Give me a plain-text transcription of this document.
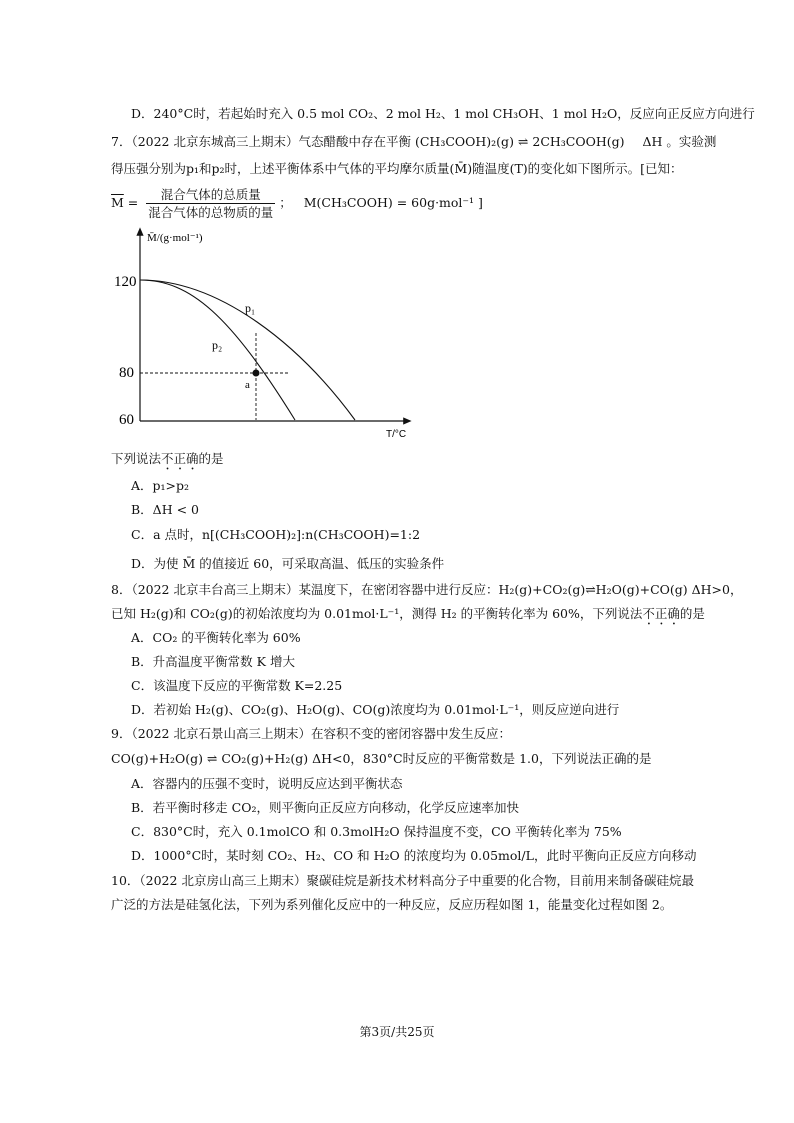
D．240°C时，若起始时充入 0.5 mol CO₂、2 mol H₂、1 mol CH₃OH、1 mol H₂O，反应向正反应方向进行
7．（2022 北京东城高三上期末）气态醋酸中存在平衡 (CH₃COOH)₂(g) ⇌ 2CH₃COOH(g) ΔH 。实验测
得压强分别为p₁和p₂时，上述平衡体系中气体的平均摩尔质量(M̄)随温度(T)的变化如下图所示。[已知：
$\overline{M} = \frac{\text{混合气体的总质量}}{\text{混合气体的总物质的量}}$ ； M(CH₃COOH) = 60g·mol⁻¹ ]
M̄/(g·mol⁻¹)
T/°C
120
80
60
p₁
p₂
a
下列说法不正确的是
A．p₁>p₂
B．ΔH < 0
C．a 点时，n[(CH₃COOH)₂]:n(CH₃COOH)=1:2
D．为使 M̄ 的值接近 60，可采取高温、低压的实验条件
8．（2022 北京丰台高三上期末）某温度下，在密闭容器中进行反应：H₂(g)+CO₂(g)⇌H₂O(g)+CO(g) ΔH>0，
已知 H₂(g)和 CO₂(g)的初始浓度均为 0.01mol·L⁻¹，测得 H₂ 的平衡转化率为 60%，下列说法不正确的是
A．CO₂ 的平衡转化率为 60%
B．升高温度平衡常数 K 增大
C．该温度下反应的平衡常数 K=2.25
D．若初始 H₂(g)、CO₂(g)、H₂O(g)、CO(g)浓度均为 0.01mol·L⁻¹，则反应逆向进行
9．（2022 北京石景山高三上期末）在容积不变的密闭容器中发生反应：
CO(g)+H₂O(g) ⇌ CO₂(g)+H₂(g) ΔH<0，830°C时反应的平衡常数是 1.0，下列说法正确的是
A．容器内的压强不变时，说明反应达到平衡状态
B．若平衡时移走 CO₂，则平衡向正反应方向移动，化学反应速率加快
C．830°C时，充入 0.1molCO 和 0.3molH₂O 保持温度不变，CO 平衡转化率为 75%
D．1000°C时，某时刻 CO₂、H₂、CO 和 H₂O 的浓度均为 0.05mol/L，此时平衡向正反应方向移动
10．（2022 北京房山高三上期末）聚碳硅烷是新技术材料高分子中重要的化合物，目前用来制备碳硅烷最
广泛的方法是硅氢化法，下列为系列催化反应中的一种反应，反应历程如图 1，能量变化过程如图 2。
第3页/共25页
